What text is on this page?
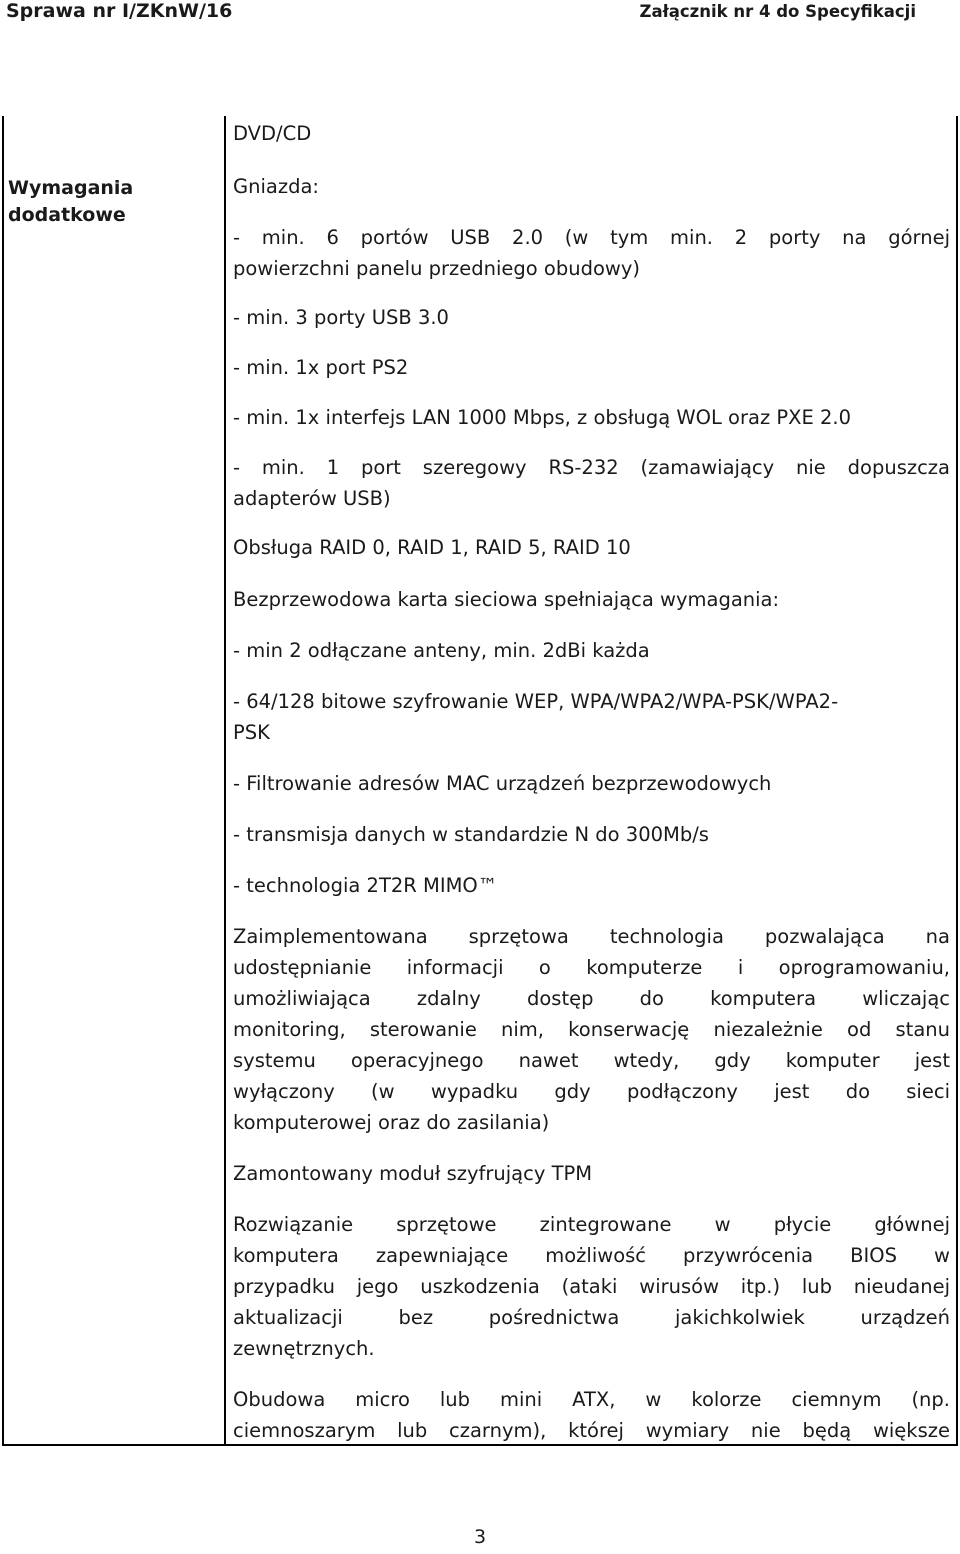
Sprawa nr I/ZKnW/16	Załącznik nr 4 do Specyfikacji
Wymagania
dodatkowe

DVD/CD

Gniazda:

- min. 6 portów USB 2.0 (w tym min. 2 porty na górnej

powierzchni panelu przedniego obudowy)

- min. 3 porty USB 3.0

- min. 1x port PS2

- min. 1x interfejs LAN 1000 Mbps, z obsługą WOL oraz PXE 2.0

- min. 1 port szeregowy RS-232 (zamawiający nie dopuszcza

adapterów USB)

Obsługa RAID 0, RAID 1, RAID 5, RAID 10

Bezprzewodowa karta sieciowa spełniająca wymagania:

- min 2 odłączane anteny, min. 2dBi każda

- 64/128 bitowe szyfrowanie WEP, WPA/WPA2/WPA-PSK/WPA2-

PSK

- Filtrowanie adresów MAC urządzeń bezprzewodowych

- transmisja danych w standardzie N do 300Mb/s

- technologia 2T2R MIMO™

Zaimplementowana sprzętowa technologia pozwalająca na

udostępnianie informacji o komputerze i oprogramowaniu,

umożliwiająca zdalny dostęp do komputera wliczając

monitoring, sterowanie nim, konserwację niezależnie od stanu

systemu operacyjnego nawet wtedy, gdy komputer jest

wyłączony (w wypadku gdy podłączony jest do sieci

komputerowej oraz do zasilania)

Zamontowany moduł szyfrujący TPM

Rozwiązanie sprzętowe zintegrowane w płycie głównej

komputera zapewniające możliwość przywrócenia BIOS w

przypadku jego uszkodzenia (ataki wirusów itp.) lub nieudanej

aktualizacji bez pośrednictwa jakichkolwiek urządzeń

zewnętrznych.

Obudowa micro lub mini ATX, w kolorze ciemnym (np.

ciemnoszarym lub czarnym), której wymiary nie będą większe

3
